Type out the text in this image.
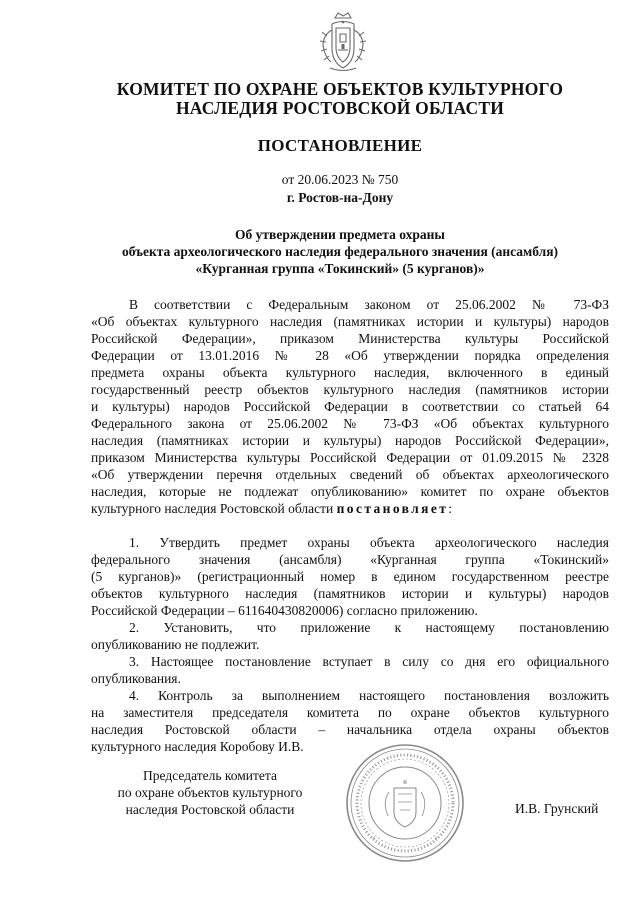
КОМИТЕТ ПО ОХРАНЕ ОБЪЕКТОВ КУЛЬТУРНОГО
НАСЛЕДИЯ РОСТОВСКОЙ ОБЛАСТИ
ПОСТАНОВЛЕНИЕ
от 20.06.2023 № 750
г. Ростов-на-Дону
Об утверждении предмета охраны
объекта археологического наследия федерального значения (ансамбля)
«Курганная группа «Токинский» (5 курганов)»
В соответствии с Федеральным законом от 25.06.2002 № 73-ФЗ
«Об объектах культурного наследия (памятниках истории и культуры) народов
Российской Федерации», приказом Министерства культуры Российской
Федерации от 13.01.2016 № 28 «Об утверждении порядка определения
предмета охраны объекта культурного наследия, включенного в единый
государственный реестр объектов культурного наследия (памятников истории
и культуры) народов Российской Федерации в соответствии со статьей 64
Федерального закона от 25.06.2002 № 73-ФЗ «Об объектах культурного
наследия (памятниках истории и культуры) народов Российской Федерации»,
приказом Министерства культуры Российской Федерации от 01.09.2015 № 2328
«Об утверждении перечня отдельных сведений об объектах археологического
наследия, которые не подлежат опубликованию» комитет по охране объектов
культурного наследия Ростовской области постановляет:
1. Утвердить предмет охраны объекта археологического наследия
федерального значения (ансамбля) «Курганная группа «Токинский»
(5 курганов)» (регистрационный номер в едином государственном реестре
объектов культурного наследия (памятников истории и культуры) народов
Российской Федерации – 611640430820006) согласно приложению.
2. Установить, что приложение к настоящему постановлению
опубликованию не подлежит.
3. Настоящее постановление вступает в силу со дня его официального
опубликования.
4. Контроль за выполнением настоящего постановления возложить
на заместителя председателя комитета по охране объектов культурного
наследия Ростовской области – начальника отдела охраны объектов
культурного наследия Коробову И.В.
Председатель комитета
по охране объектов культурного
наследия Ростовской области	И.В. Грунский
